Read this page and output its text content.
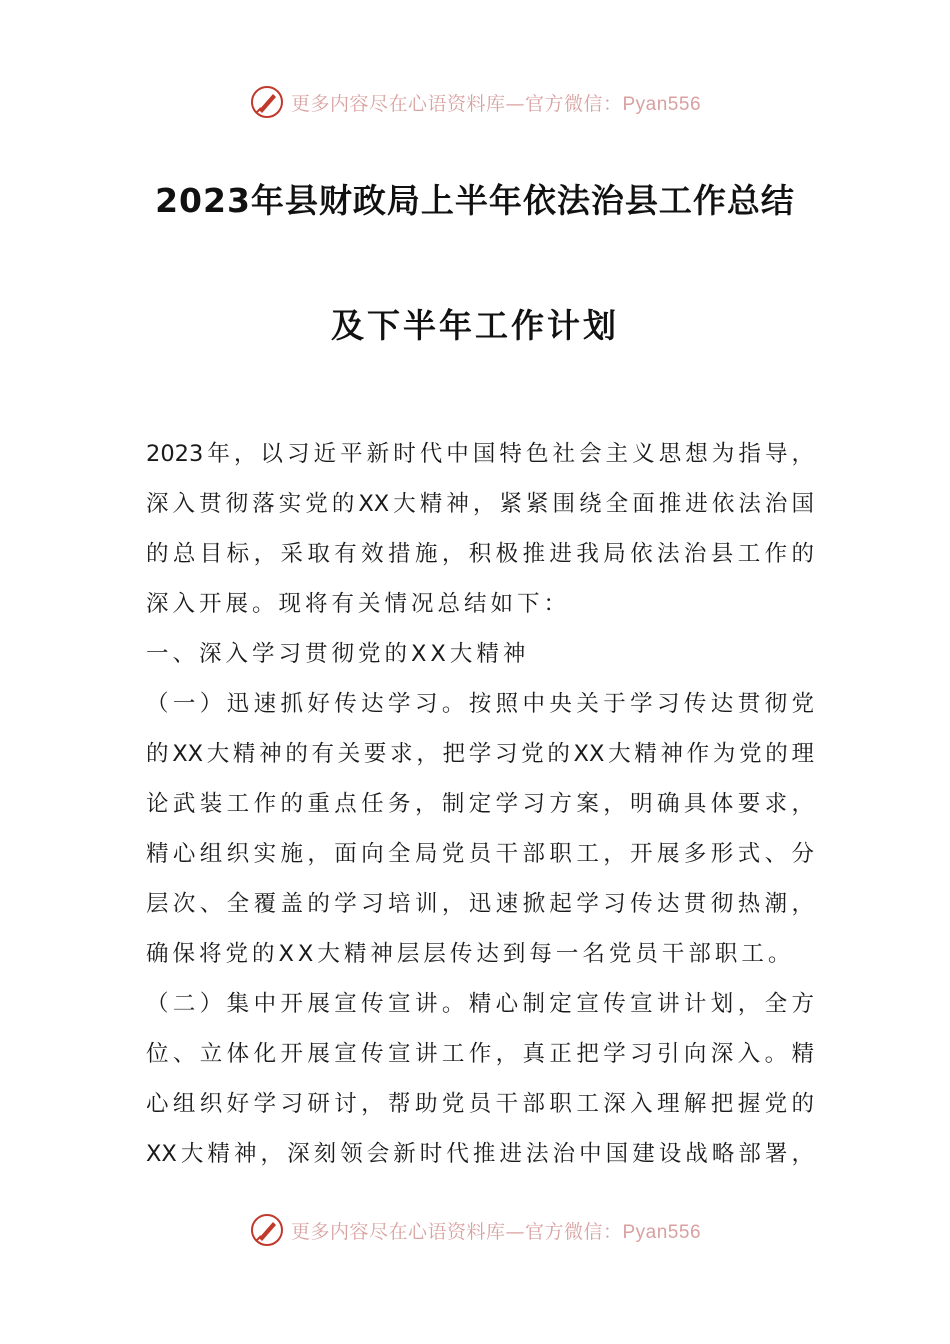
更多内容尽在心语资料库—官方微信：Pyan556
2023年县财政局上半年依法治县工作总结
及下半年工作计划
2023年，以习近平新时代中国特色社会主义思想为指导，
深入贯彻落实党的XX大精神，紧紧围绕全面推进依法治国
的总目标，采取有效措施，积极推进我局依法治县工作的
深入开展。现将有关情况总结如下：
一、深入学习贯彻党的XX大精神
（一）迅速抓好传达学习。按照中央关于学习传达贯彻党
的XX大精神的有关要求，把学习党的XX大精神作为党的理
论武装工作的重点任务，制定学习方案，明确具体要求，
精心组织实施，面向全局党员干部职工，开展多形式、分
层次、全覆盖的学习培训，迅速掀起学习传达贯彻热潮，
确保将党的XX大精神层层传达到每一名党员干部职工。
（二）集中开展宣传宣讲。精心制定宣传宣讲计划，全方
位、立体化开展宣传宣讲工作，真正把学习引向深入。精
心组织好学习研讨，帮助党员干部职工深入理解把握党的
XX大精神，深刻领会新时代推进法治中国建设战略部署，
更多内容尽在心语资料库—官方微信：Pyan556
